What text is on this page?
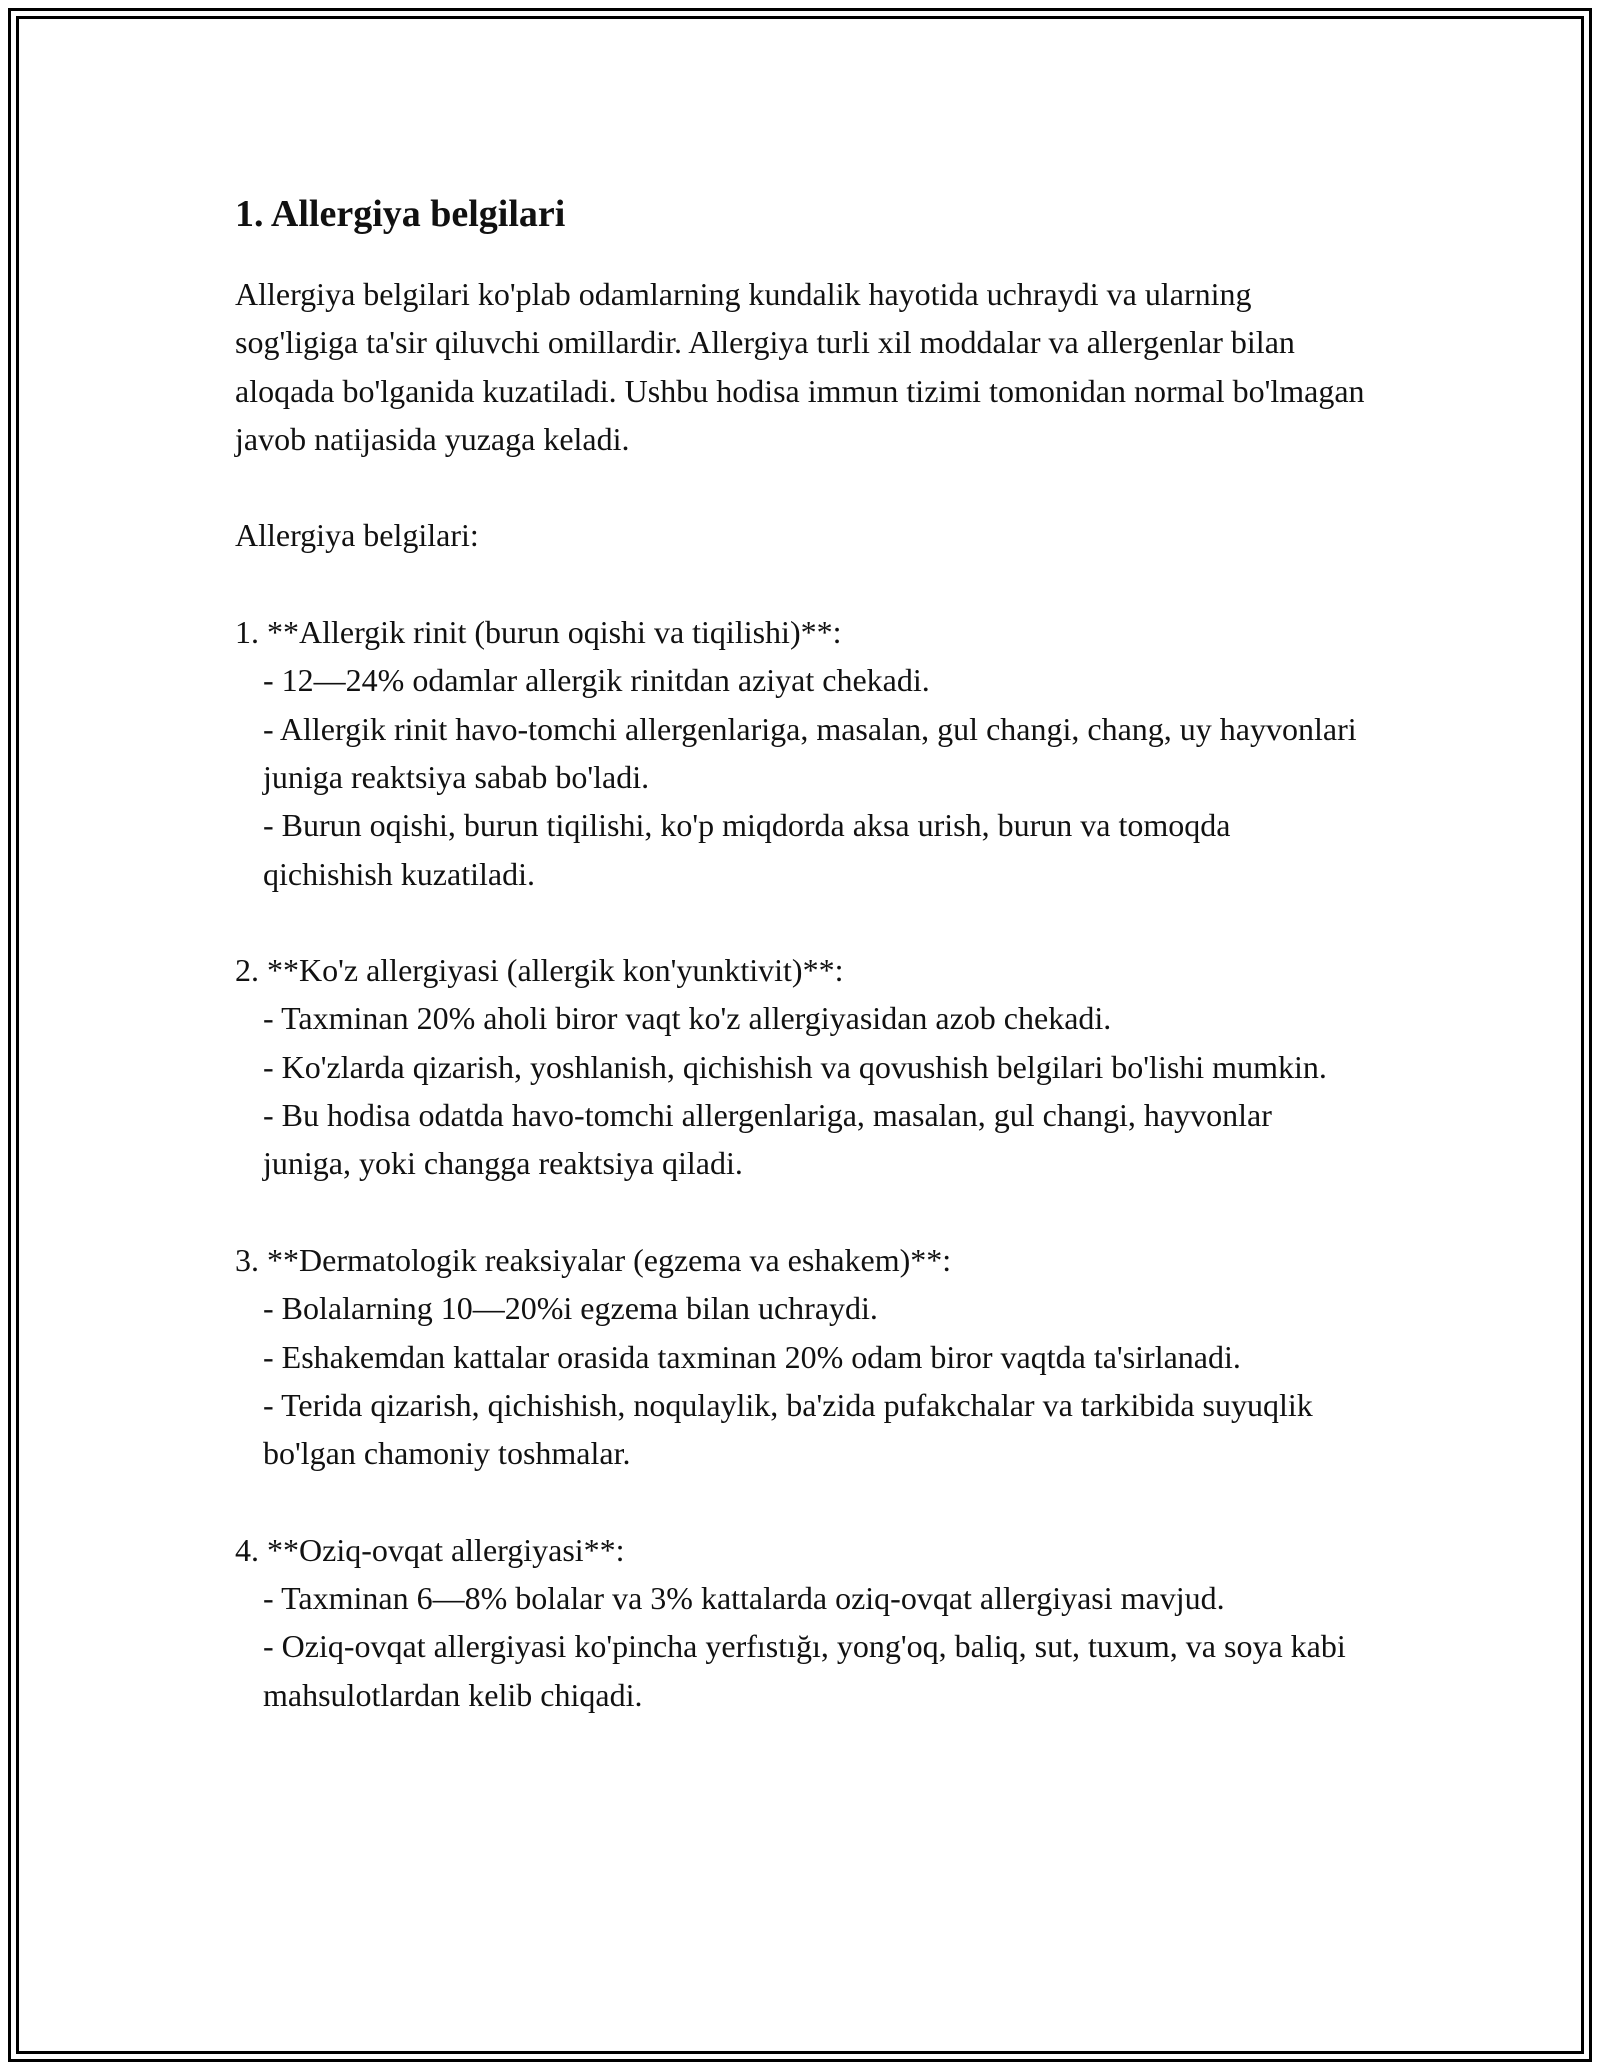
1. Allergiya belgilari

Allergiya belgilari ko'plab odamlarning kundalik hayotida uchraydi va ularning sog'ligiga ta'sir qiluvchi omillardir. Allergiya turli xil moddalar va allergenlar bilan aloqada bo'lganida kuzatiladi. Ushbu hodisa immun tizimi tomonidan normal bo'lmagan javob natijasida yuzaga keladi.

Allergiya belgilari:

1. **Allergik rinit (burun oqishi va tiqilishi)**:

- 12—24% odamlar allergik rinitdan aziyat chekadi.

- Allergik rinit havo-tomchi allergenlariga, masalan, gul changi, chang, uy hayvonlari juniga reaktsiya sabab bo'ladi.

- Burun oqishi, burun tiqilishi, ko'p miqdorda aksa urish, burun va tomoqda qichishish kuzatiladi.

2. **Ko'z allergiyasi (allergik kon'yunktivit)**:

- Taxminan 20% aholi biror vaqt ko'z allergiyasidan azob chekadi.

- Ko'zlarda qizarish, yoshlanish, qichishish va qovushish belgilari bo'lishi mumkin.

- Bu hodisa odatda havo-tomchi allergenlariga, masalan, gul changi, hayvonlar juniga, yoki changga reaktsiya qiladi.

3. **Dermatologik reaksiyalar (egzema va eshakem)**:

- Bolalarning 10—20%i egzema bilan uchraydi.

- Eshakemdan kattalar orasida taxminan 20% odam biror vaqtda ta'sirlanadi.

- Terida qizarish, qichishish, noqulaylik, ba'zida pufakchalar va tarkibida suyuqlik bo'lgan chamoniy toshmalar.

4. **Oziq-ovqat allergiyasi**:

- Taxminan 6—8% bolalar va 3% kattalarda oziq-ovqat allergiyasi mavjud.

- Oziq-ovqat allergiyasi ko'pincha yerfıstığı, yong'oq, baliq, sut, tuxum, va soya kabi mahsulotlardan kelib chiqadi.
